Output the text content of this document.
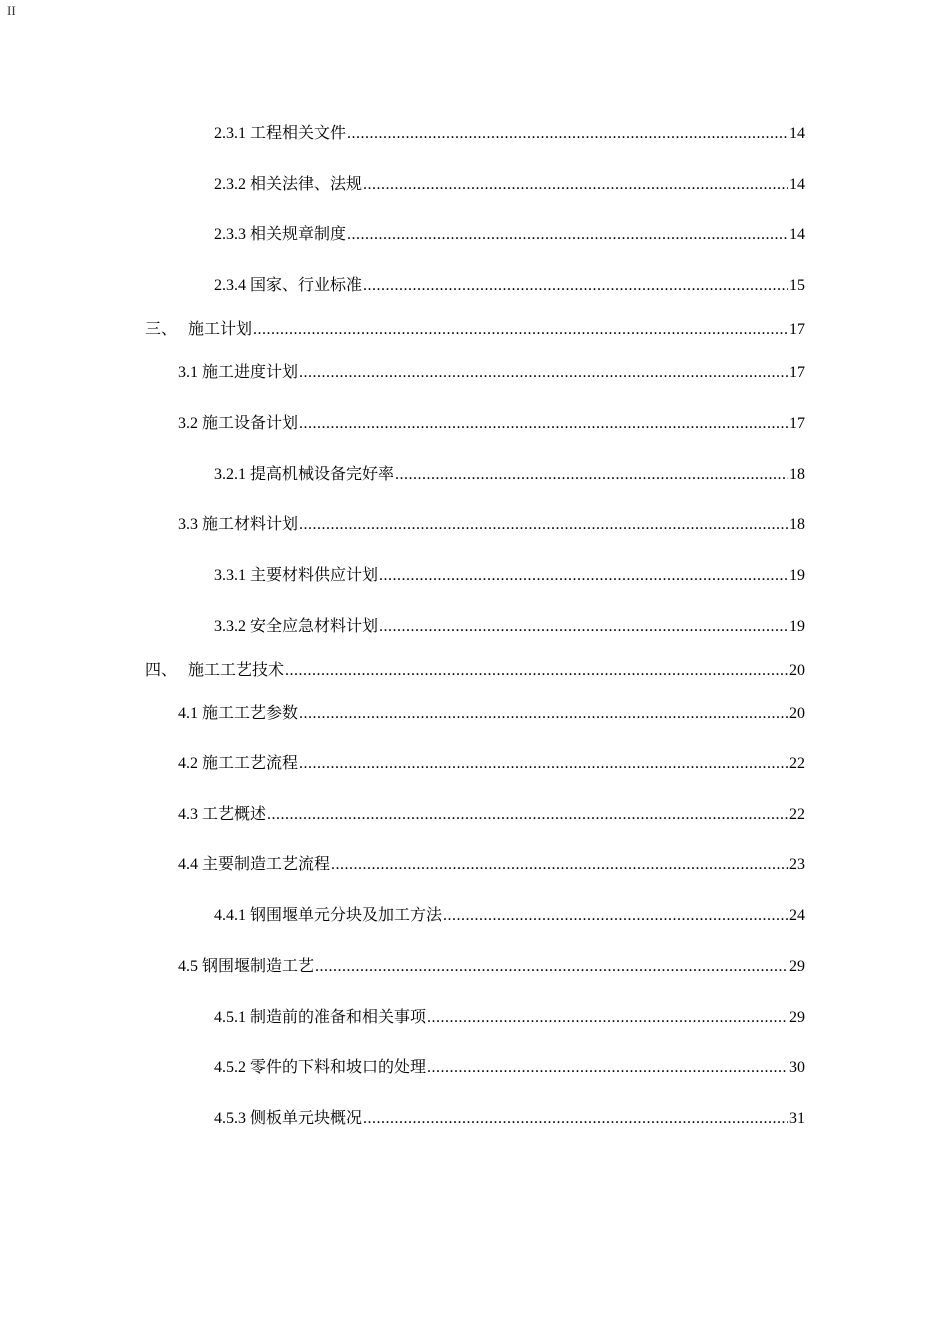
II
2.3.1 工程相关文件 .....	14
2.3.2 相关法律、法规 .....	14
2.3.3 相关规章制度 .....	14
2.3.4 国家、行业标准 .....	15
三、 施工计划 .....	17
3.1 施工进度计划 .....	17
3.2 施工设备计划 .....	17
3.2.1 提高机械设备完好率 .....	18
3.3 施工材料计划 .....	18
3.3.1 主要材料供应计划 .....	19
3.3.2 安全应急材料计划 .....	19
四、 施工工艺技术 .....	20
4.1 施工工艺参数 .....	20
4.2 施工工艺流程 .....	22
4.3 工艺概述 .....	22
4.4 主要制造工艺流程 .....	23
4.4.1 钢围堰单元分块及加工方法 .....	24
4.5 钢围堰制造工艺 .....	29
4.5.1 制造前的准备和相关事项 .....	29
4.5.2 零件的下料和坡口的处理 .....	30
4.5.3 侧板单元块概况 .....	31
